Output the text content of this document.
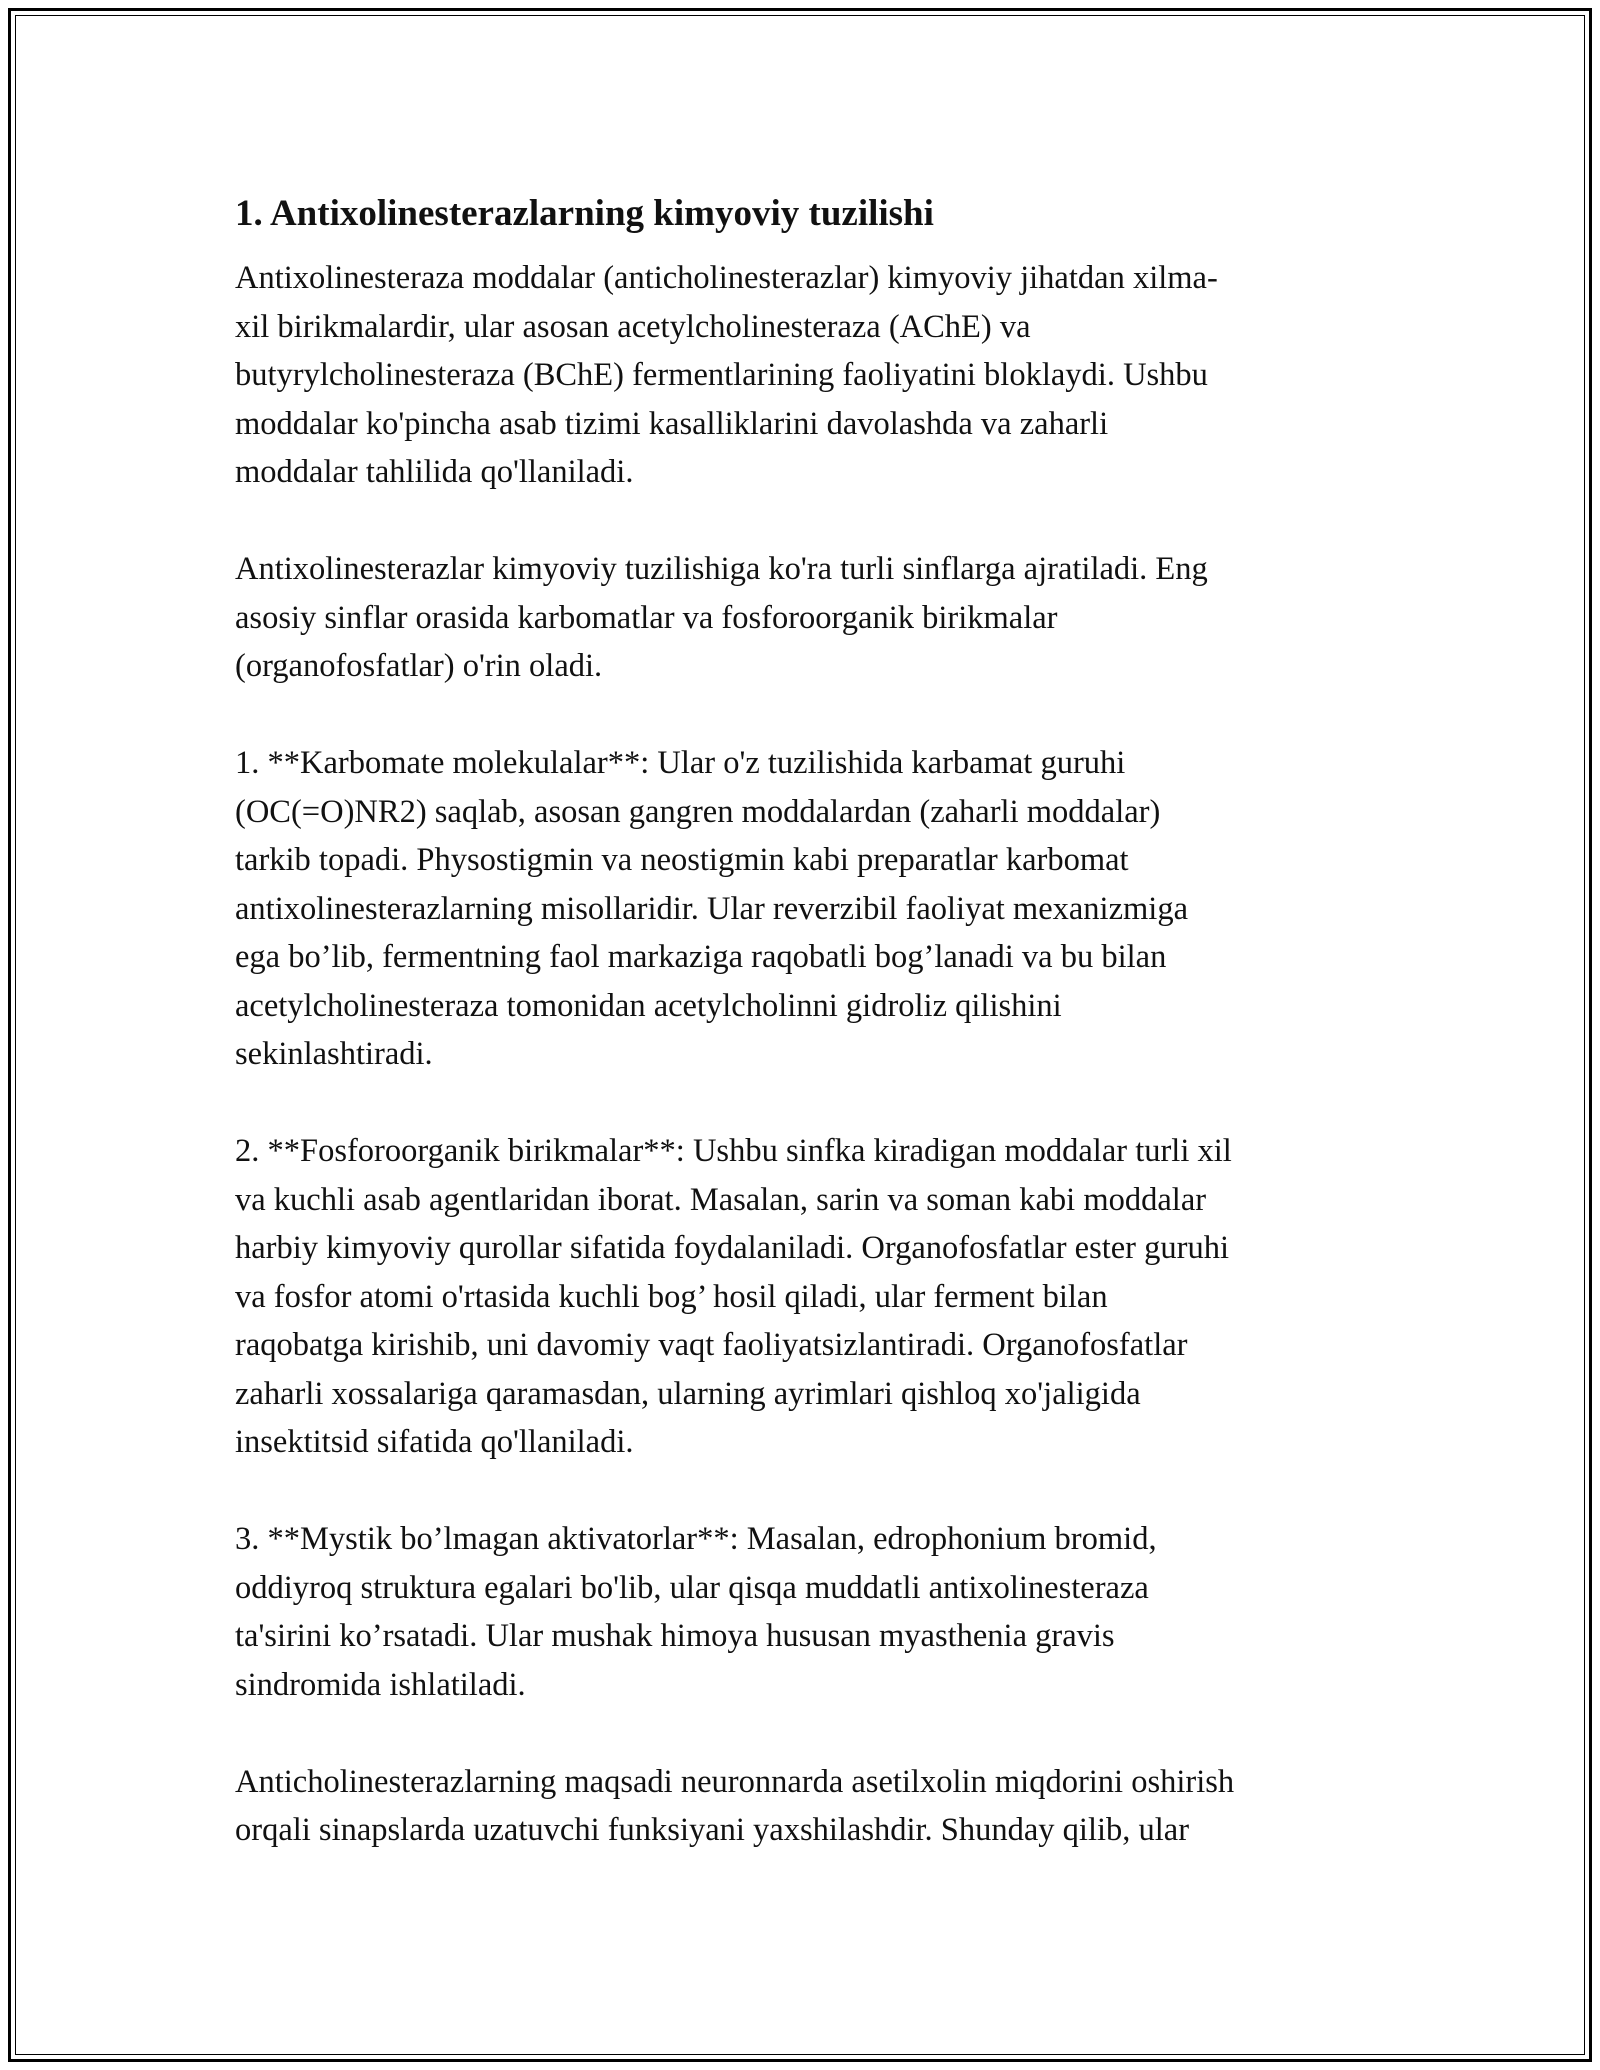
1. Antixolinesterazlarning kimyoviy tuzilishi

Antixolinesteraza moddalar (anticholinesterazlar) kimyoviy jihatdan xilma-
xil birikmalardir, ular asosan acetylcholinesteraza (AChE) va
butyrylcholinesteraza (BChE) fermentlarining faoliyatini bloklaydi. Ushbu
moddalar ko'pincha asab tizimi kasalliklarini davolashda va zaharli
moddalar tahlilida qo'llaniladi.

Antixolinesterazlar kimyoviy tuzilishiga ko'ra turli sinflarga ajratiladi. Eng
asosiy sinflar orasida karbomatlar va fosforoorganik birikmalar
(organofosfatlar) o'rin oladi.

1. **Karbomate molekulalar**: Ular o'z tuzilishida karbamat guruhi
(OC(=O)NR2) saqlab, asosan gangren moddalardan (zaharli moddalar)
tarkib topadi. Physostigmin va neostigmin kabi preparatlar karbomat
antixolinesterazlarning misollaridir. Ular reverzibil faoliyat mexanizmiga
ega bo’lib, fermentning faol markaziga raqobatli bog’lanadi va bu bilan
acetylcholinesteraza tomonidan acetylcholinni gidroliz qilishini
sekinlashtiradi.

2. **Fosforoorganik birikmalar**: Ushbu sinfka kiradigan moddalar turli xil
va kuchli asab agentlaridan iborat. Masalan, sarin va soman kabi moddalar
harbiy kimyoviy qurollar sifatida foydalaniladi. Organofosfatlar ester guruhi
va fosfor atomi o'rtasida kuchli bog’ hosil qiladi, ular ferment bilan
raqobatga kirishib, uni davomiy vaqt faoliyatsizlantiradi. Organofosfatlar
zaharli xossalariga qaramasdan, ularning ayrimlari qishloq xo'jaligida
insektitsid sifatida qo'llaniladi.

3. **Mystik bo’lmagan aktivatorlar**: Masalan, edrophonium bromid,
oddiyroq struktura egalari bo'lib, ular qisqa muddatli antixolinesteraza
ta'sirini ko’rsatadi. Ular mushak himoya hususan myasthenia gravis
sindromida ishlatiladi.

Anticholinesterazlarning maqsadi neuronnarda asetilxolin miqdorini oshirish
orqali sinapslarda uzatuvchi funksiyani yaxshilashdir. Shunday qilib, ular
